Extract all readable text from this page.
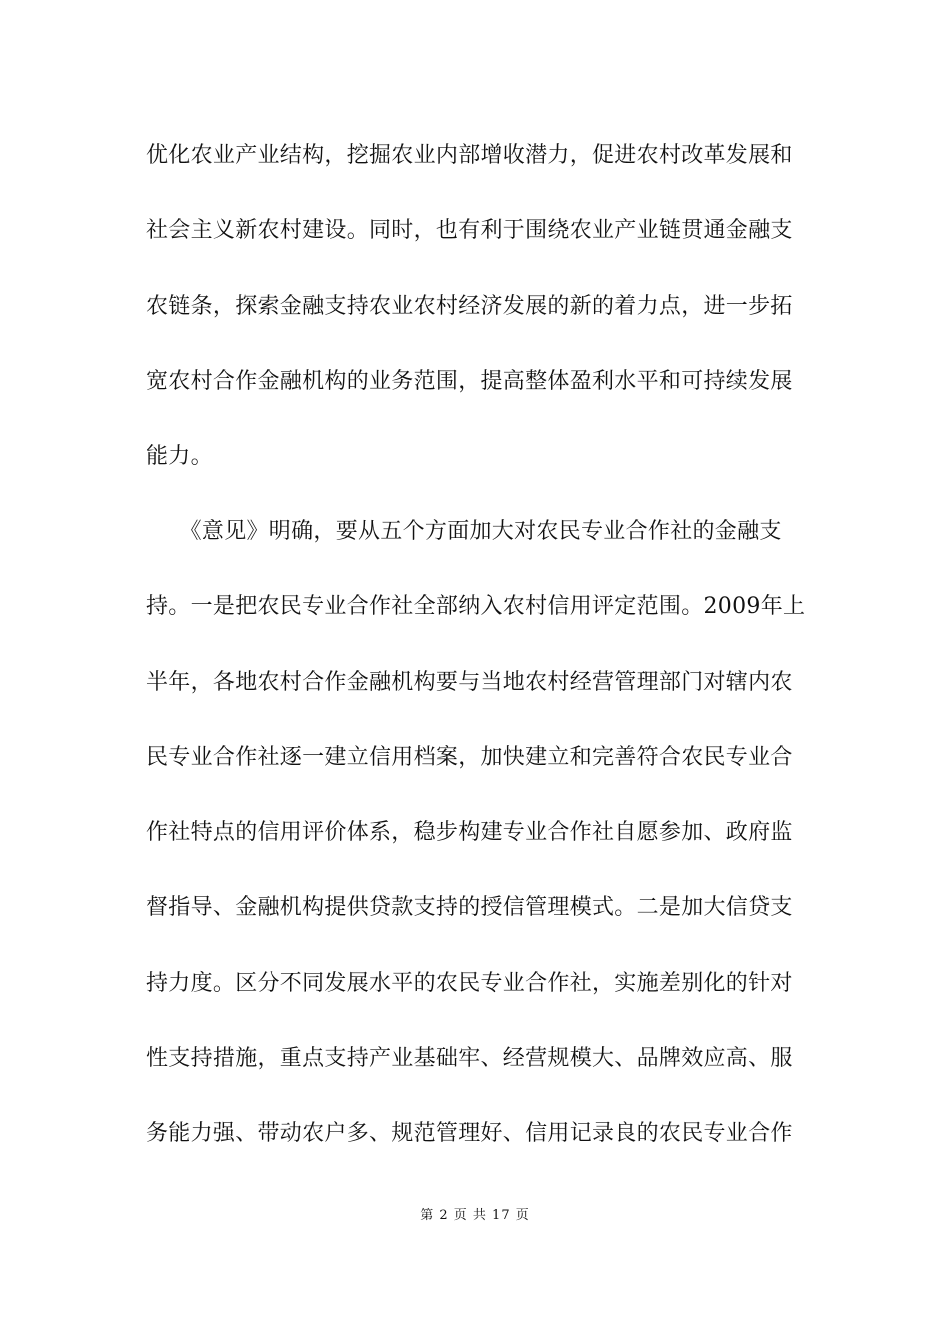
优化农业产业结构，挖掘农业内部增收潜力，促进农村改革发展和
社会主义新农村建设。同时，也有利于围绕农业产业链贯通金融支
农链条，探索金融支持农业农村经济发展的新的着力点，进一步拓
宽农村合作金融机构的业务范围，提高整体盈利水平和可持续发展
能力。
　　《意见》明确，要从五个方面加大对农民专业合作社的金融支
持。一是把农民专业合作社全部纳入农村信用评定范围。2009年上
半年，各地农村合作金融机构要与当地农村经营管理部门对辖内农
民专业合作社逐一建立信用档案，加快建立和完善符合农民专业合
作社特点的信用评价体系，稳步构建专业合作社自愿参加、政府监
督指导、金融机构提供贷款支持的授信管理模式。二是加大信贷支
持力度。区分不同发展水平的农民专业合作社，实施差别化的针对
性支持措施，重点支持产业基础牢、经营规模大、品牌效应高、服
务能力强、带动农户多、规范管理好、信用记录良的农民专业合作
第 2 页 共 17 页
